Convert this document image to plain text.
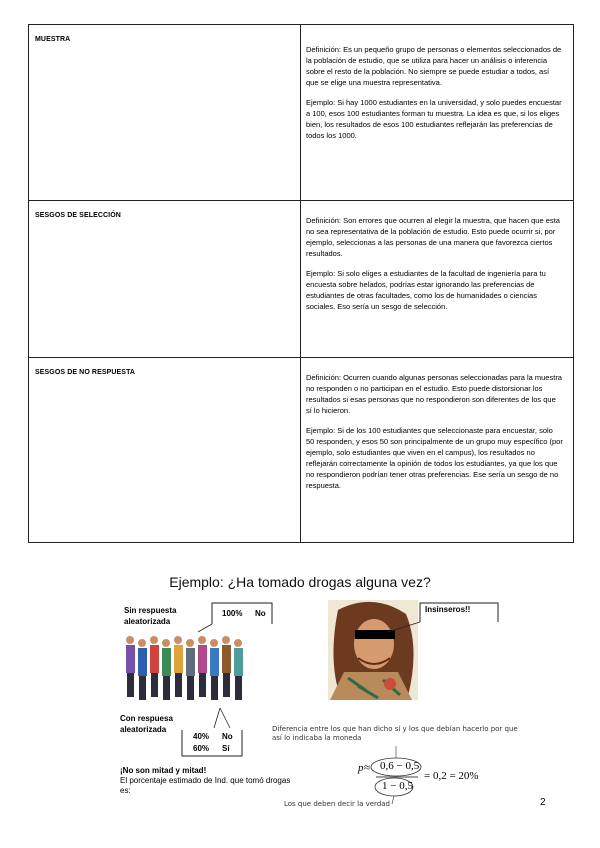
MUESTRA	Definición: Es un pequeño grupo de personas o elementos seleccionados de la población de estudio, que se utiliza para hacer un análisis o inferencia sobre el resto de la población. No siempre se puede estudiar a todos, así que se elige una muestra representativa.

Ejemplo: Si hay 1000 estudiantes en la universidad, y solo puedes encuestar a 100, esos 100 estudiantes forman tu muestra. La idea es que, si los eliges bien, los resultados de esos 100 estudiantes reflejarán las preferencias de todos los 1000.

SESGOS DE SELECCIÓN	Definición: Son errores que ocurren al elegir la muestra, que hacen que esta no sea representativa de la población de estudio. Esto puede ocurrir si, por ejemplo, seleccionas a las personas de una manera que favorezca ciertos resultados.

Ejemplo: Si solo eliges a estudiantes de la facultad de ingeniería para tu encuesta sobre helados, podrías estar ignorando las preferencias de estudiantes de otras facultades, como los de humanidades o ciencias sociales. Eso sería un sesgo de selección.

SESGOS DE NO RESPUESTA	Definición: Ocurren cuando algunas personas seleccionadas para la muestra no responden o no participan en el estudio. Esto puede distorsionar los resultados si esas personas que no respondieron son diferentes de los que sí lo hicieron.

Ejemplo: Si de los 100 estudiantes que seleccionaste para encuestar, solo 50 responden, y esos 50 son principalmente de un grupo muy específico (por ejemplo, solo estudiantes que viven en el campus), los resultados no reflejarán correctamente la opinión de todos los estudiantes, ya que los que no respondieron podrían tener otras preferencias. Ese sería un sesgo de no respuesta.

Ejemplo: ¿Ha tomado drogas alguna vez?
Sin respuesta aleatorizada
100% No
Con respuesa
aleatorizada
40% No
60% Sí
Insinseros!!
Diferencia entre los que han dicho sí y los que debían hacerlo por que así lo indicaba la moneda
¡No son mitad y mitad!
El porcentaje estimado de Ind. que tomó drogas
es:
p ≈ 0,6 − 0,5
1 − 0,5
= 0,2 = 20%
Los que deben decir la verdad	2
